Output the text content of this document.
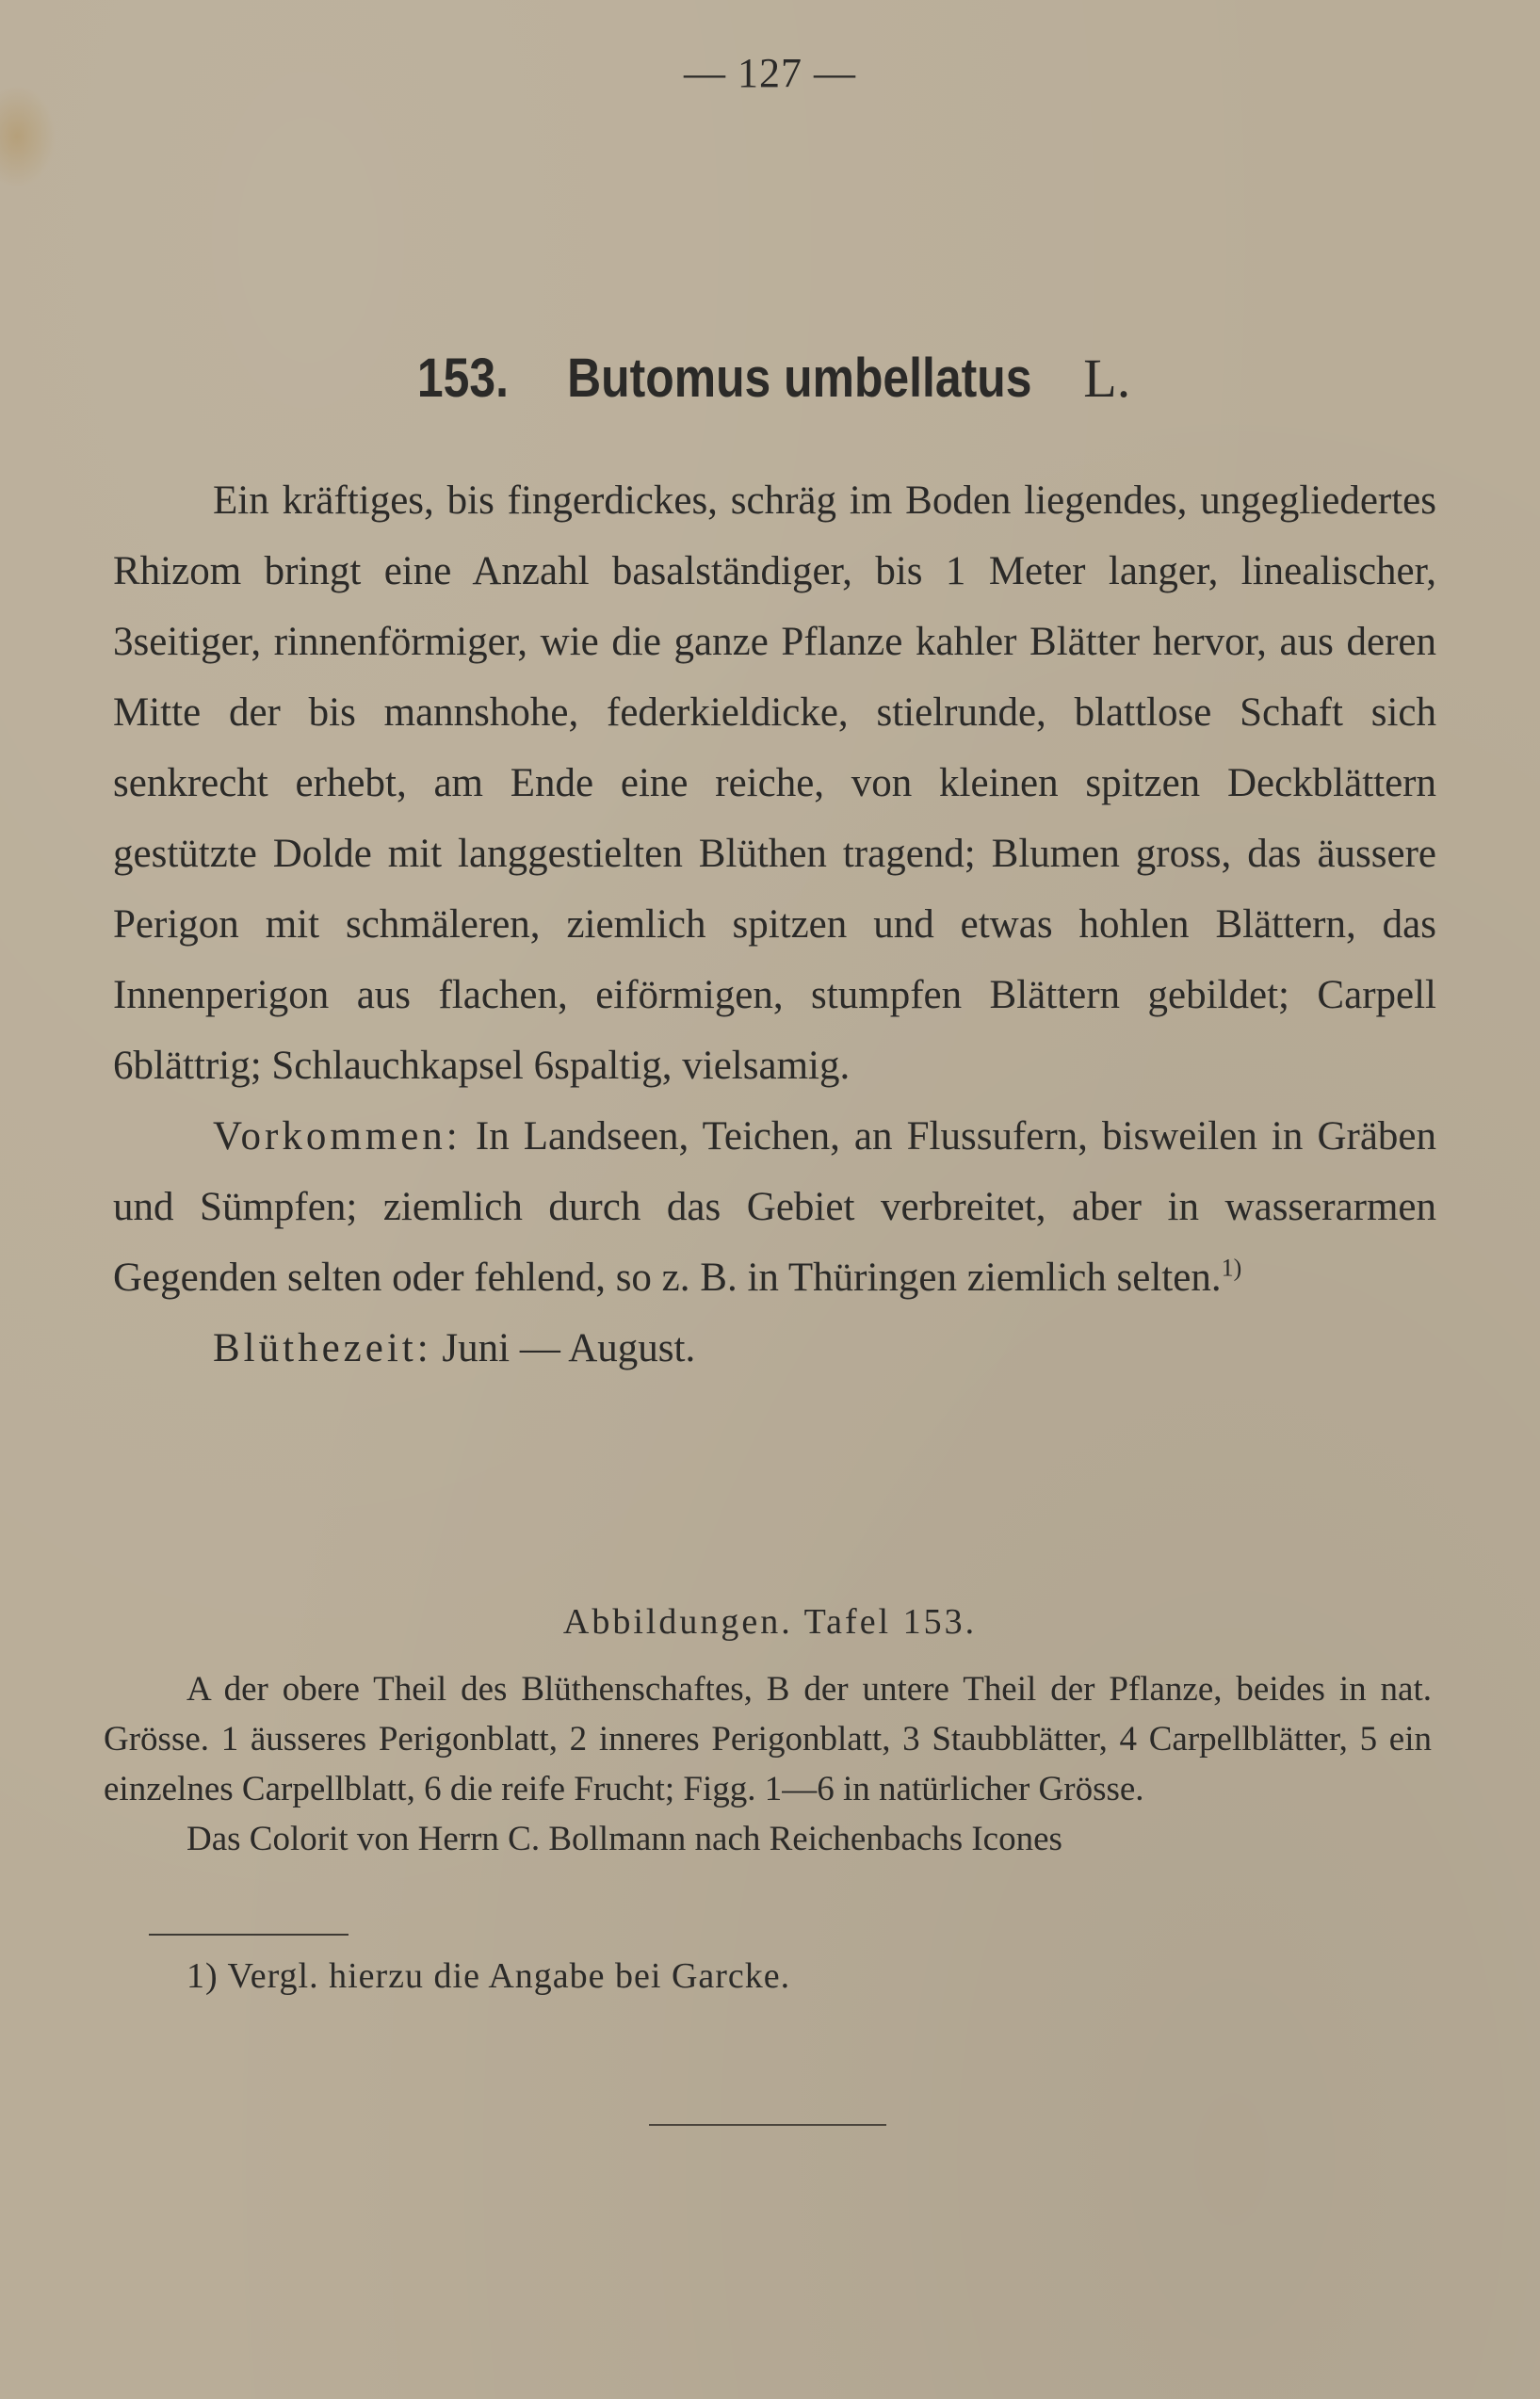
— 127 —
153. Butomus umbellatus L.

Ein kräftiges, bis fingerdickes, schräg im Boden liegendes, ungegliedertes Rhizom bringt eine Anzahl basalständiger, bis 1 Meter langer, linealischer, 3seitiger, rinnenförmiger, wie die ganze Pflanze kahler Blätter hervor, aus deren Mitte der bis mannshohe, federkieldicke, stielrunde, blattlose Schaft sich senkrecht erhebt, am Ende eine reiche, von kleinen spitzen Deckblättern gestützte Dolde mit langgestielten Blüthen tragend; Blumen gross, das äussere Perigon mit schmäleren, ziemlich spitzen und etwas hohlen Blättern, das Innenperigon aus flachen, eiförmigen, stumpfen Blättern gebildet; Carpell 6blättrig; Schlauchkapsel 6spaltig, vielsamig.

Vorkommen: In Landseen, Teichen, an Flussufern, bisweilen in Gräben und Sümpfen; ziemlich durch das Gebiet verbreitet, aber in wasserarmen Gegenden selten oder fehlend, so z. B. in Thüringen ziemlich selten.$^{1)}$

Blüthezeit: Juni — August.

Abbildungen. Tafel 153.

A der obere Theil des Blüthenschaftes, B der untere Theil der Pflanze, beides in nat. Grösse. 1 äusseres Perigonblatt, 2 inneres Perigonblatt, 3 Staubblätter, 4 Carpellblätter, 5 ein einzelnes Carpellblatt, 6 die reife Frucht; Figg. 1—6 in natürlicher Grösse.

Das Colorit von Herrn C. Bollmann nach Reichenbachs Icones

1) Vergl. hierzu die Angabe bei Garcke.
